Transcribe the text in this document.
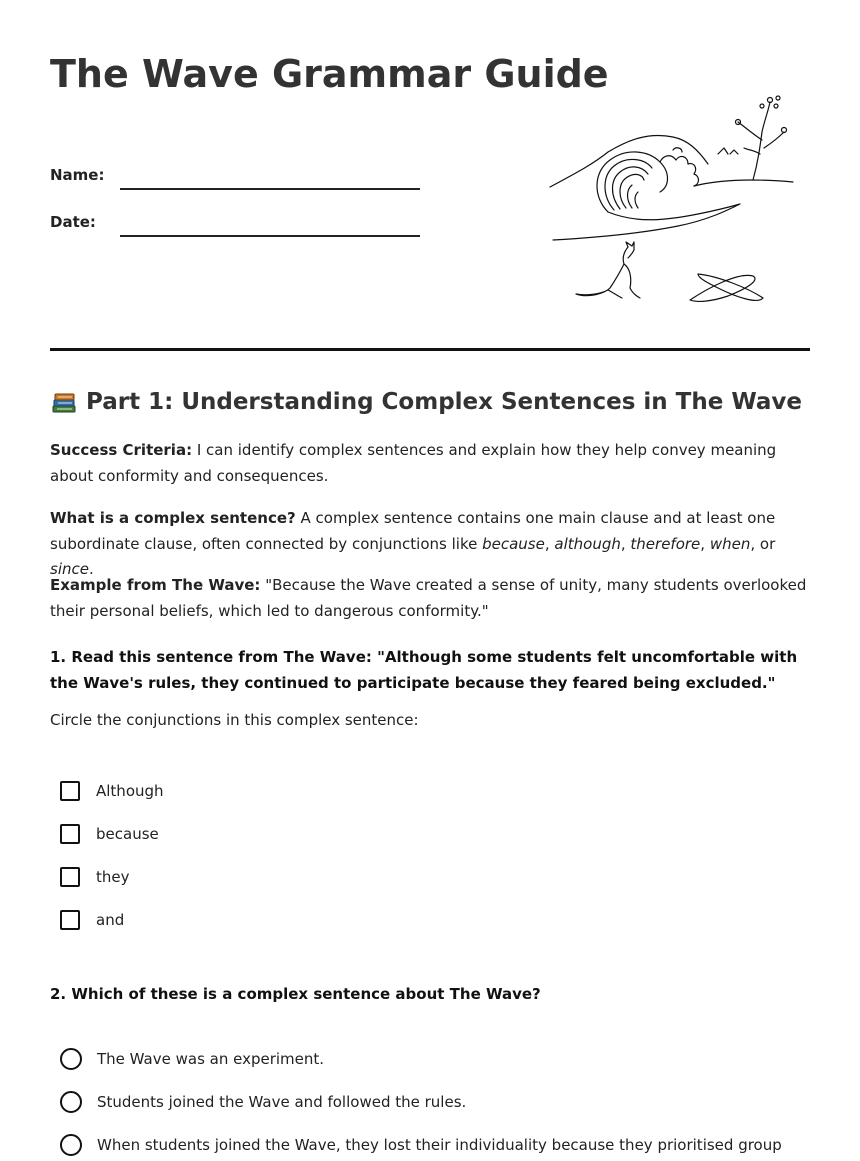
The Wave Grammar Guide
Name:
Date:
Part 1: Understanding Complex Sentences in The Wave

Success Criteria: I can identify complex sentences and explain how they help convey meaning about conformity and consequences.

What is a complex sentence? A complex sentence contains one main clause and at least one subordinate clause, often connected by conjunctions like because, although, therefore, when, or since.

Example from The Wave: "Because the Wave created a sense of unity, many students overlooked their personal beliefs, which led to dangerous conformity."

1. Read this sentence from The Wave: "Although some students felt uncomfortable with the Wave's rules, they continued to participate because they feared being excluded."

Circle the conjunctions in this complex sentence:

Although
because
they
and

2. Which of these is a complex sentence about The Wave?

The Wave was an experiment.
Students joined the Wave and followed the rules.
When students joined the Wave, they lost their individuality because they prioritised group
